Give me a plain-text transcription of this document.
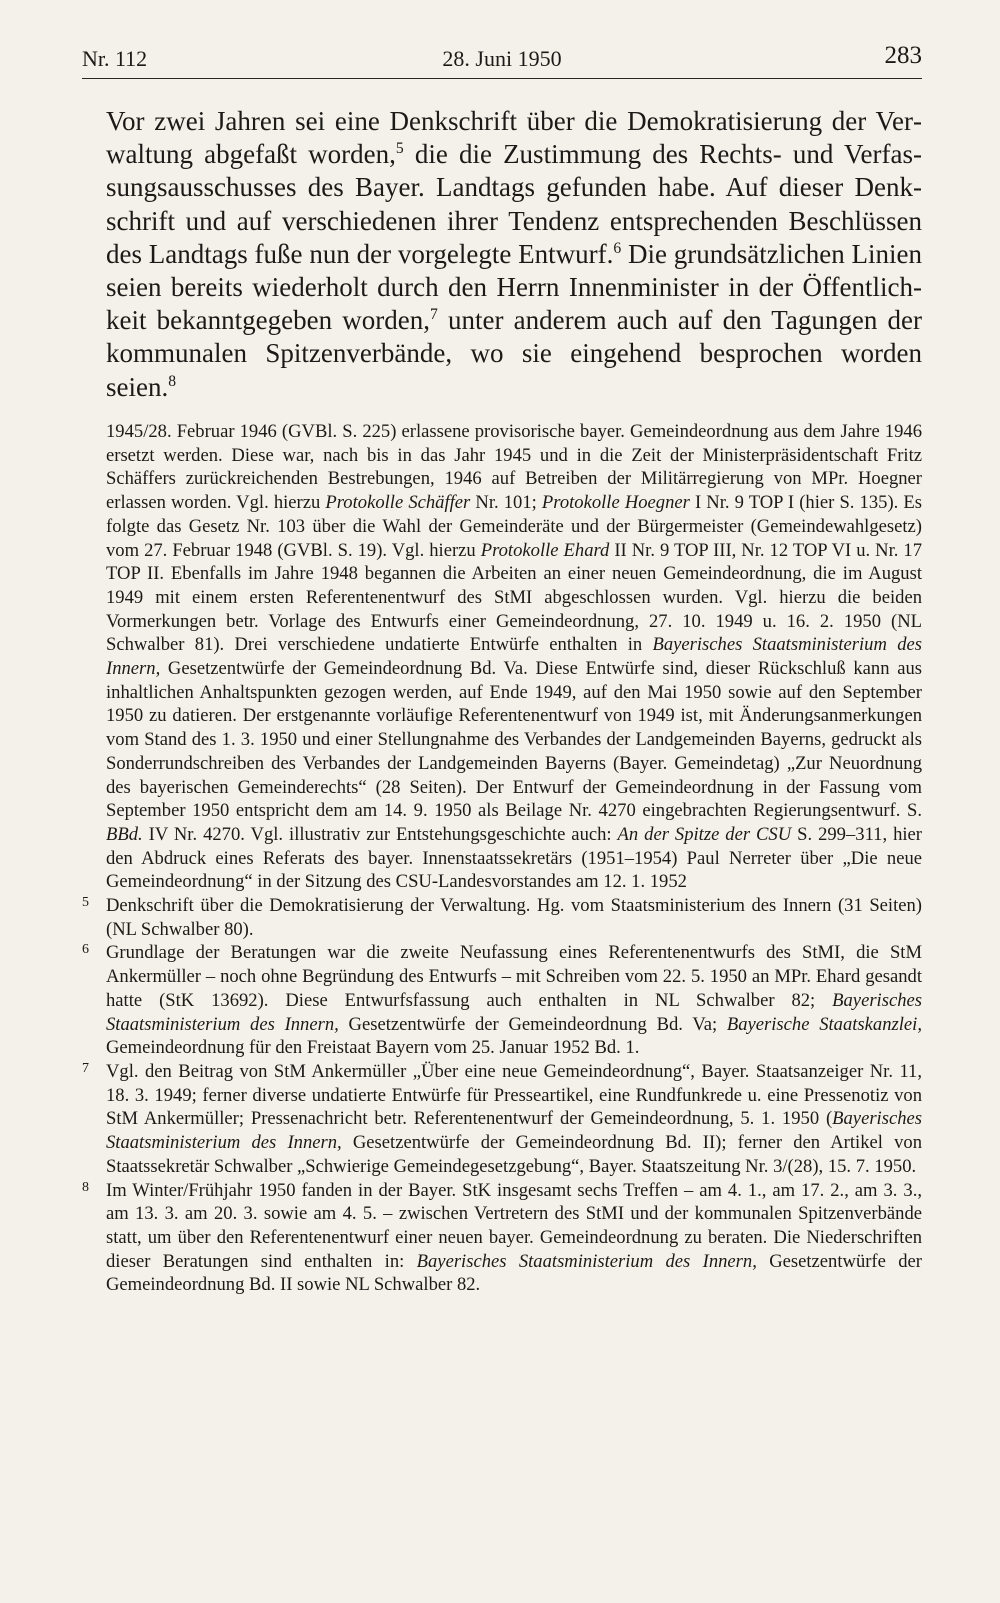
Nr. 112	28. Juni 1950	283

Vor zwei Jahren sei eine Denkschrift über die Demokratisierung der Verwaltung abgefaßt worden,$^5$ die die Zustimmung des Rechts- und Verfassungsausschusses des Bayer. Landtags gefunden habe. Auf dieser Denkschrift und auf verschiedenen ihrer Tendenz entsprechenden Beschlüssen des Landtags fuße nun der vorgelegte Entwurf.$^6$ Die grundsätzlichen Linien seien bereits wiederholt durch den Herrn Innenminister in der Öffentlichkeit bekanntgegeben worden,$^7$ unter anderem auch auf den Tagungen der kommunalen Spitzenverbände, wo sie eingehend besprochen worden seien.$^8$

1945/28. Februar 1946 (GVBl. S. 225) erlassene provisorische bayer. Gemeindeordnung aus dem Jahre 1946 ersetzt werden. Diese war, nach bis in das Jahr 1945 und in die Zeit der Ministerpräsidentschaft Fritz Schäffers zurückreichenden Bestrebungen, 1946 auf Betreiben der Militärregierung von MPr. Hoegner erlassen worden. Vgl. hierzu Protokolle Schäffer Nr. 101; Protokolle Hoegner I Nr. 9 TOP I (hier S. 135). Es folgte das Gesetz Nr. 103 über die Wahl der Gemeinderäte und der Bürgermeister (Gemeindewahlgesetz) vom 27. Februar 1948 (GVBl. S. 19). Vgl. hierzu Protokolle Ehard II Nr. 9 TOP III, Nr. 12 TOP VI u. Nr. 17 TOP II. Ebenfalls im Jahre 1948 begannen die Arbeiten an einer neuen Gemeindeordnung, die im August 1949 mit einem ersten Referentenentwurf des StMI abgeschlossen wurden. Vgl. hierzu die beiden Vormerkungen betr. Vorlage des Entwurfs einer Gemeindeordnung, 27. 10. 1949 u. 16. 2. 1950 (NL Schwalber 81). Drei verschiedene undatierte Entwürfe enthalten in Bayerisches Staatsministerium des Innern, Gesetzentwürfe der Gemeindeordnung Bd. Va. Diese Entwürfe sind, dieser Rückschluß kann aus inhaltlichen Anhaltspunkten gezogen werden, auf Ende 1949, auf den Mai 1950 sowie auf den September 1950 zu datieren. Der erstgenannte vorläufige Referentenentwurf von 1949 ist, mit Änderungsanmerkungen vom Stand des 1. 3. 1950 und einer Stellungnahme des Verbandes der Landgemeinden Bayerns, gedruckt als Sonderrundschreiben des Verbandes der Landgemeinden Bayerns (Bayer. Gemeindetag) „Zur Neuordnung des bayerischen Gemeinderechts“ (28 Seiten). Der Entwurf der Gemeindeordnung in der Fassung vom September 1950 entspricht dem am 14. 9. 1950 als Beilage Nr. 4270 eingebrachten Regierungsentwurf. S. BBd. IV Nr. 4270. Vgl. illustrativ zur Entstehungsgeschichte auch: An der Spitze der CSU S. 299–311, hier den Abdruck eines Referats des bayer. Innenstaatssekretärs (1951–1954) Paul Nerreter über „Die neue Gemeindeordnung“ in der Sitzung des CSU-Landesvorstandes am 12. 1. 1952

5 Denkschrift über die Demokratisierung der Verwaltung. Hg. vom Staatsministerium des Innern (31 Seiten) (NL Schwalber 80).
6 Grundlage der Beratungen war die zweite Neufassung eines Referentenentwurfs des StMI, die StM Ankermüller – noch ohne Begründung des Entwurfs – mit Schreiben vom 22. 5. 1950 an MPr. Ehard gesandt hatte (StK 13692). Diese Entwurfsfassung auch enthalten in NL Schwalber 82; Bayerisches Staatsministerium des Innern, Gesetzentwürfe der Gemeindeordnung Bd. Va; Bayerische Staatskanzlei, Gemeindeordnung für den Freistaat Bayern vom 25. Januar 1952 Bd. 1.
7 Vgl. den Beitrag von StM Ankermüller „Über eine neue Gemeindeordnung“, Bayer. Staatsanzeiger Nr. 11, 18. 3. 1949; ferner diverse undatierte Entwürfe für Presseartikel, eine Rundfunkrede u. eine Pressenotiz von StM Ankermüller; Pressenachricht betr. Referentenentwurf der Gemeindeordnung, 5. 1. 1950 (Bayerisches Staatsministerium des Innern, Gesetzentwürfe der Gemeindeordnung Bd. II); ferner den Artikel von Staatssekretär Schwalber „Schwierige Gemeindegesetzgebung“, Bayer. Staatszeitung Nr. 3/(28), 15. 7. 1950.
8 Im Winter/Frühjahr 1950 fanden in der Bayer. StK insgesamt sechs Treffen – am 4. 1., am 17. 2., am 3. 3., am 13. 3. am 20. 3. sowie am 4. 5. – zwischen Vertretern des StMI und der kommunalen Spitzenverbände statt, um über den Referentenentwurf einer neuen bayer. Gemeindeordnung zu beraten. Die Niederschriften dieser Beratungen sind enthalten in: Bayerisches Staatsministerium des Innern, Gesetzentwürfe der Gemeindeordnung Bd. II sowie NL Schwalber 82.
